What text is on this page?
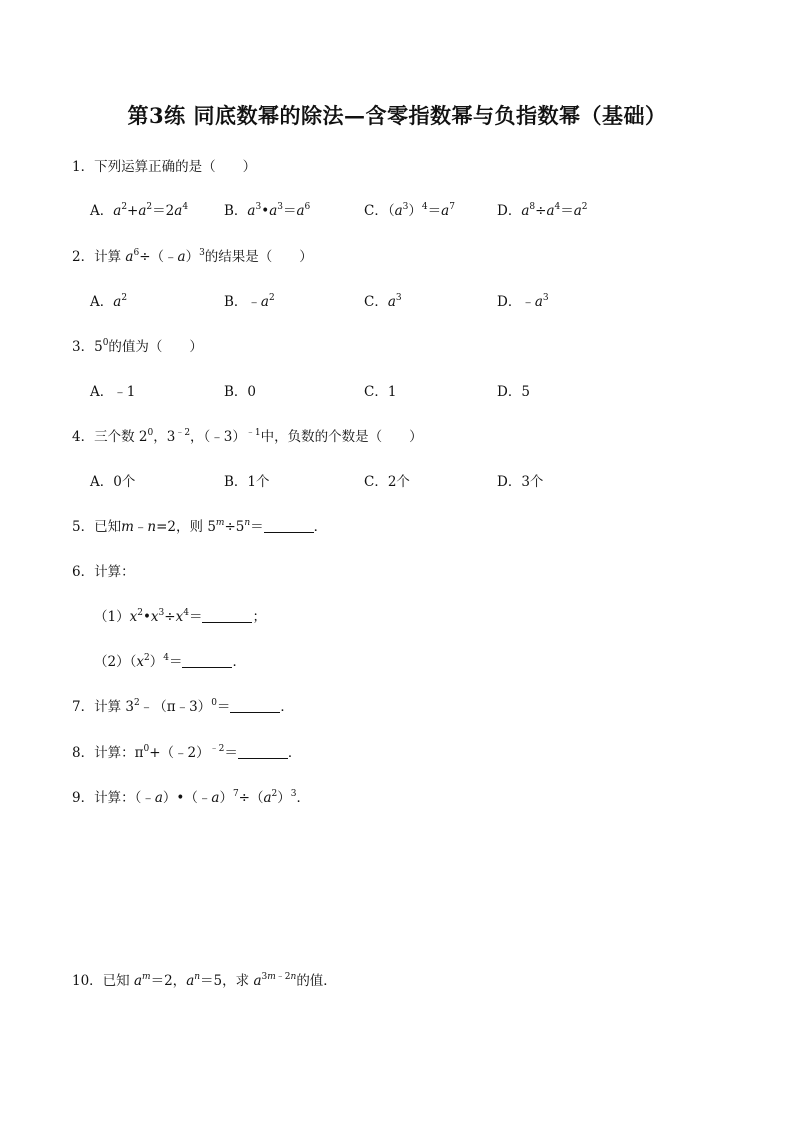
第3练 同底数幂的除法—含零指数幂与负指数幂（基础）
1．下列运算正确的是（　　）
A．$a^2+a^2=2a^4$	B．$a^3•a^3=a^6$	C．$(a^3)^4=a^7$	D．$a^8\div a^4=a^2$
2．计算 $a^6\div(﹣a)^3$的结果是（　　）
A．$a^2$	B．$﹣a^2$	C．$a^3$	D．$﹣a^3$
3．$5^0$的值为（　　）
A．﹣1	B．0	C．1	D．5
4．三个数 $2^0$，$3^{﹣2}$，（﹣3）$^{﹣1}$中，负数的个数是（　　）
A．0个	B．1个	C．2个	D．3个
5．已知m﹣n=2，则 $5^m\div 5^n=$	．
6．计算：
$(1)x^2•x^3\div x^4=$	；
$(2)(x^2)^4=$	．
7．计算 $3^2﹣(\pi﹣3)^0=$	．
8．计算：$\pi^0+(﹣2)^{﹣2}=$	．
9．计算：$(﹣a)•(﹣a)^7\div(a^2)^3$．
10．已知 $a^m=2$，$a^n=5$，求 $a^{3m﹣2n}$的值．
